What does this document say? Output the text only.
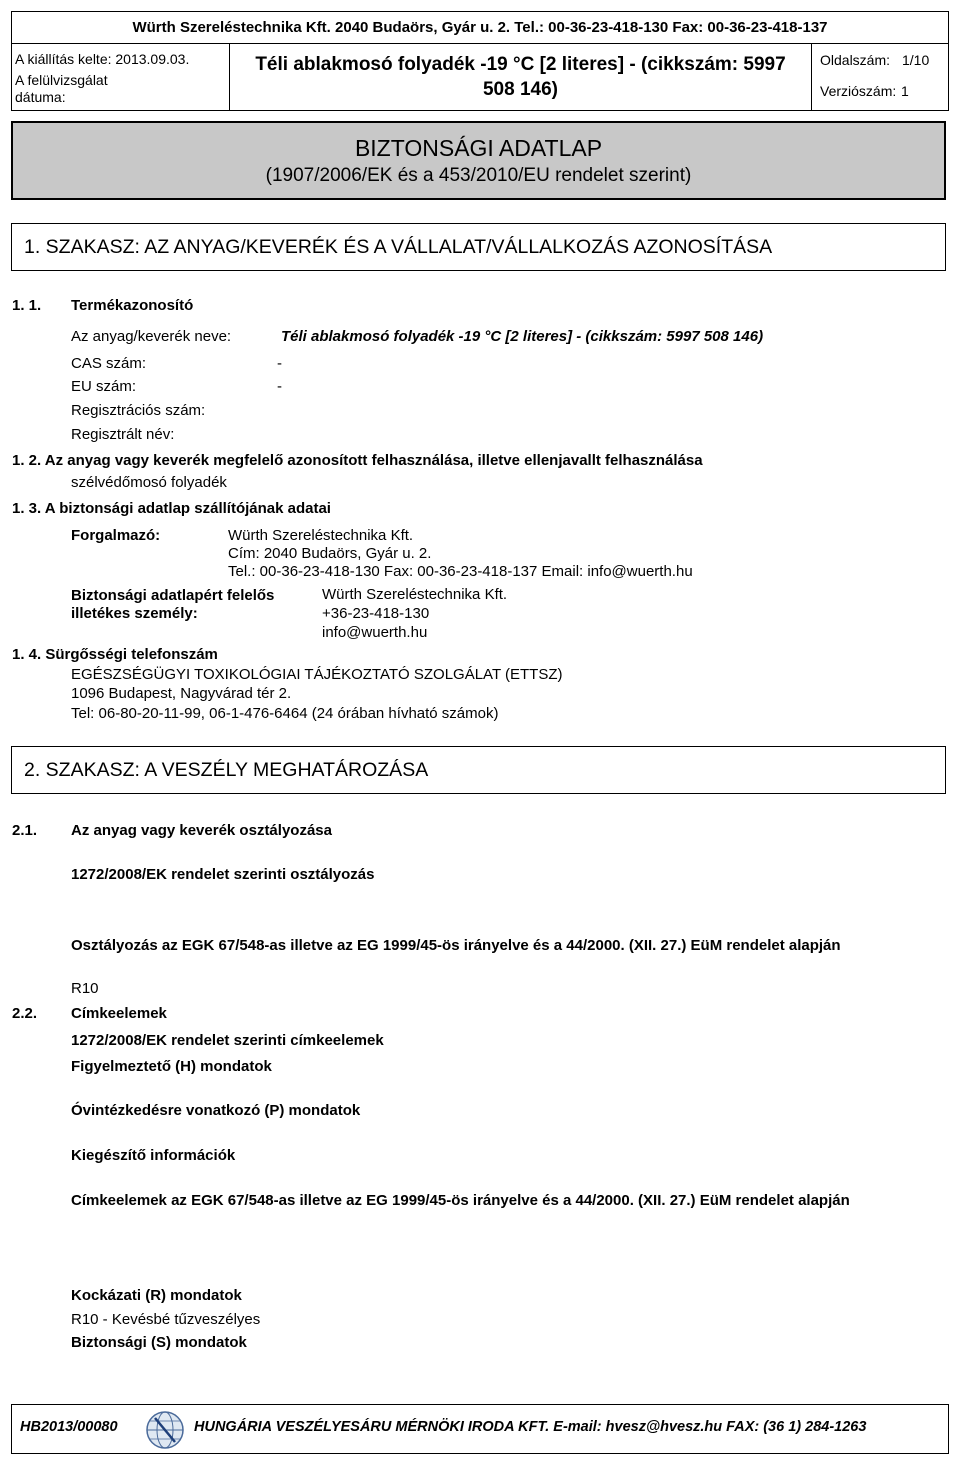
Würth Szereléstechnika Kft. 2040 Budaörs, Gyár u. 2. Tel.: 00-36-23-418-130 Fax: 00-36-23-418-137
A kiállítás kelte: 2013.09.03.
A felülvizsgálat
dátuma:
Téli ablakmosó folyadék -19 °C [2 literes] - (cikkszám: 5997
508 146)
Oldalszám: 1/10
Verziószám: 1
BIZTONSÁGI ADATLAP
(1907/2006/EK és a 453/2010/EU rendelet szerint)
1. SZAKASZ: AZ ANYAG/KEVERÉK ÉS A VÁLLALAT/VÁLLALKOZÁS AZONOSÍTÁSA
1. 1. Termékazonosító
Az anyag/keverék neve:	Téli ablakmosó folyadék -19 °C [2 literes] - (cikkszám: 5997 508 146)
CAS szám:	-
EU szám:	-
Regisztrációs szám:
Regisztrált név:
1. 2. Az anyag vagy keverék megfelelő azonosított felhasználása, illetve ellenjavallt felhasználása
szélvédőmosó folyadék
1. 3. A biztonsági adatlap szállítójának adatai
Forgalmazó:	Würth Szereléstechnika Kft.
Cím: 2040 Budaörs, Gyár u. 2.
Tel.: 00-36-23-418-130 Fax: 00-36-23-418-137 Email: info@wuerth.hu
Biztonsági adatlapért felelős
illetékes személy:
Würth Szereléstechnika Kft.
+36-23-418-130
info@wuerth.hu
1. 4. Sürgősségi telefonszám
EGÉSZSÉGÜGYI TOXIKOLÓGIAI TÁJÉKOZTATÓ SZOLGÁLAT (ETTSZ)
1096 Budapest, Nagyvárad tér 2.
Tel: 06-80-20-11-99, 06-1-476-6464 (24 órában hívható számok)
2. SZAKASZ: A VESZÉLY MEGHATÁROZÁSA
2.1. Az anyag vagy keverék osztályozása
1272/2008/EK rendelet szerinti osztályozás
Osztályozás az EGK 67/548-as illetve az EG 1999/45-ös irányelve és a 44/2000. (XII. 27.) EüM rendelet alapján
R10
2.2. Címkeelemek
1272/2008/EK rendelet szerinti címkeelemek
Figyelmeztető (H) mondatok
Óvintézkedésre vonatkozó (P) mondatok
Kiegészítő információk
Címkeelemek az EGK 67/548-as illetve az EG 1999/45-ös irányelve és a 44/2000. (XII. 27.) EüM rendelet alapján
Kockázati (R) mondatok
R10 - Kevésbé tűzveszélyes
Biztonsági (S) mondatok
HB2013/00080	HUNGÁRIA VESZÉLYESÁRU MÉRNÖKI IRODA KFT. E-mail: hvesz@hvesz.hu FAX: (36 1) 284-1263
